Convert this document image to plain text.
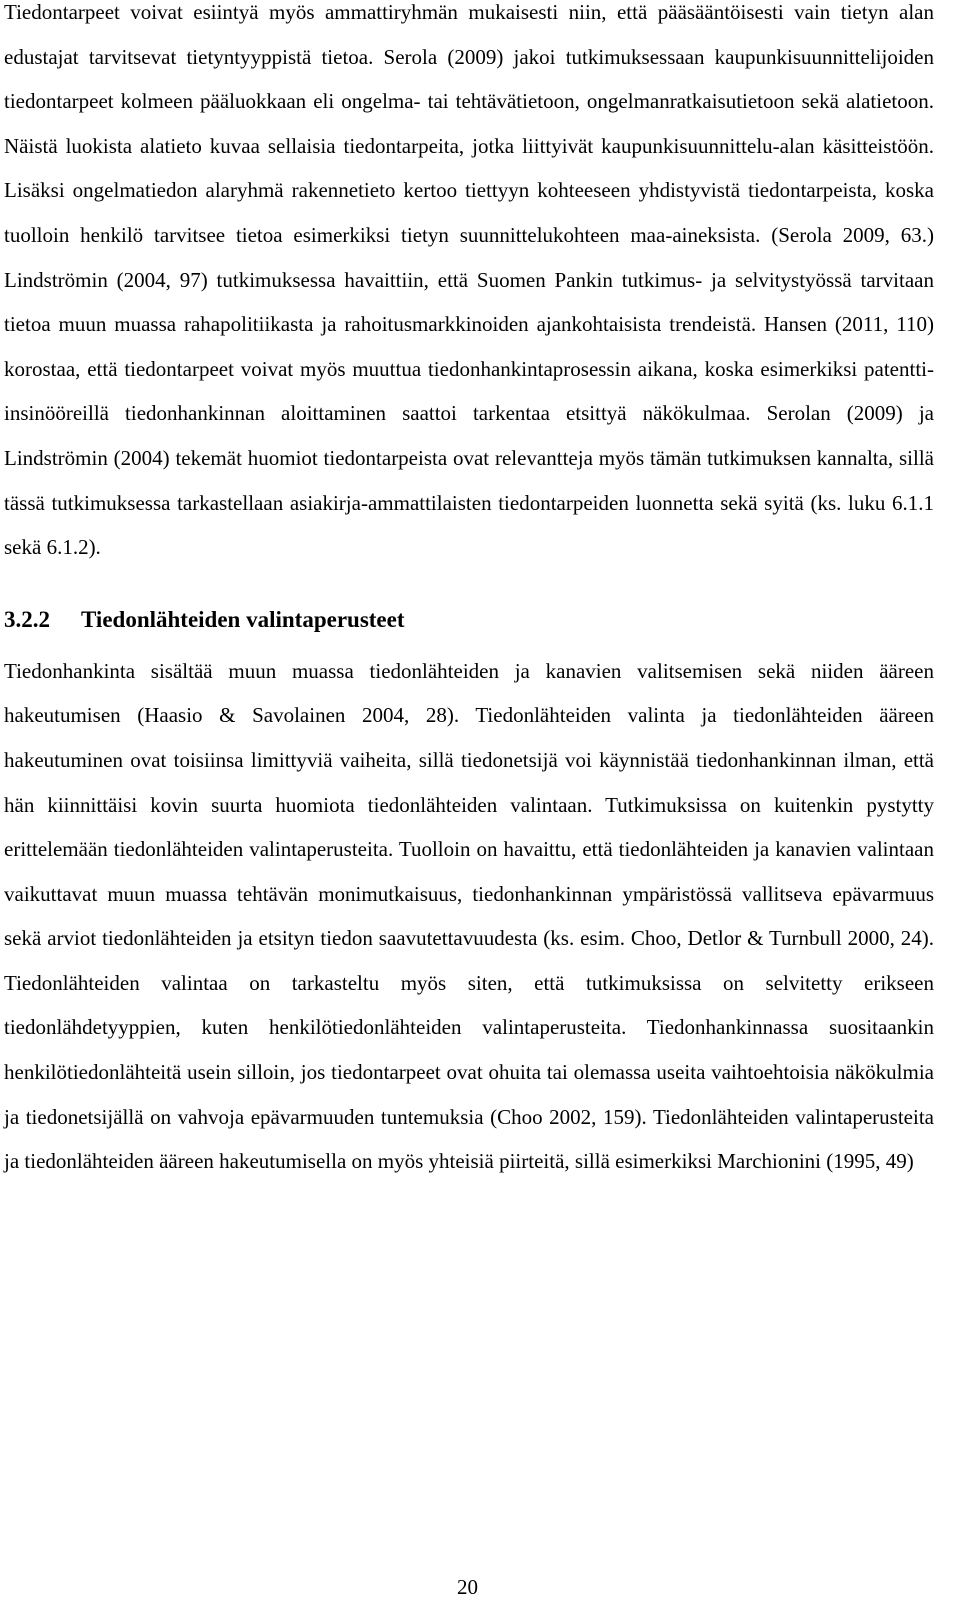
Tiedontarpeet voivat esiintyä myös ammattiryhmän mukaisesti niin, että pääsääntöisesti vain tietyn alan edustajat tarvitsevat tietyntyyppistä tietoa. Serola (2009) jakoi tutkimuksessaan kaupunkisuunnittelijoiden tiedontarpeet kolmeen pääluokkaan eli ongelma- tai tehtävätietoon, ongelmanratkaisutietoon sekä alatietoon. Näistä luokista alatieto kuvaa sellaisia tiedontarpeita, jotka liittyivät kaupunkisuunnittelu-alan käsitteistöön. Lisäksi ongelmatiedon alaryhmä rakennetieto kertoo tiettyyn kohteeseen yhdistyvistä tiedontarpeista, koska tuolloin henkilö tarvitsee tietoa esimerkiksi tietyn suunnittelukohteen maa-aineksista. (Serola 2009, 63.) Lindströmin (2004, 97) tutkimuksessa havaittiin, että Suomen Pankin tutkimus- ja selvitystyössä tarvitaan tietoa muun muassa rahapolitiikasta ja rahoitusmarkkinoiden ajankohtaisista trendeistä. Hansen (2011, 110) korostaa, että tiedontarpeet voivat myös muuttua tiedonhankintaprosessin aikana, koska esimerkiksi patentti-insinööreillä tiedonhankinnan aloittaminen saattoi tarkentaa etsittyä näkökulmaa. Serolan (2009) ja Lindströmin (2004) tekemät huomiot tiedontarpeista ovat relevantteja myös tämän tutkimuksen kannalta, sillä tässä tutkimuksessa tarkastellaan asiakirja-ammattilaisten tiedontarpeiden luonnetta sekä syitä (ks. luku 6.1.1 sekä 6.1.2).

3.2.2 Tiedonlähteiden valintaperusteet

Tiedonhankinta sisältää muun muassa tiedonlähteiden ja kanavien valitsemisen sekä niiden ääreen hakeutumisen (Haasio & Savolainen 2004, 28). Tiedonlähteiden valinta ja tiedonlähteiden ääreen hakeutuminen ovat toisiinsa limittyviä vaiheita, sillä tiedonetsijä voi käynnistää tiedonhankinnan ilman, että hän kiinnittäisi kovin suurta huomiota tiedonlähteiden valintaan. Tutkimuksissa on kuitenkin pystytty erittelemään tiedonlähteiden valintaperusteita. Tuolloin on havaittu, että tiedonlähteiden ja kanavien valintaan vaikuttavat muun muassa tehtävän monimutkaisuus, tiedonhankinnan ympäristössä vallitseva epävarmuus sekä arviot tiedonlähteiden ja etsityn tiedon saavutettavuudesta (ks. esim. Choo, Detlor & Turnbull 2000, 24). Tiedonlähteiden valintaa on tarkasteltu myös siten, että tutkimuksissa on selvitetty erikseen tiedonlähdetyyppien, kuten henkilötiedonlähteiden valintaperusteita. Tiedonhankinnassa suositaankin henkilötiedonlähteitä usein silloin, jos tiedontarpeet ovat ohuita tai olemassa useita vaihtoehtoisia näkökulmia ja tiedonetsijällä on vahvoja epävarmuuden tuntemuksia (Choo 2002, 159). Tiedonlähteiden valintaperusteita ja tiedonlähteiden ääreen hakeutumisella on myös yhteisiä piirteitä, sillä esimerkiksi Marchionini (1995, 49)

20
